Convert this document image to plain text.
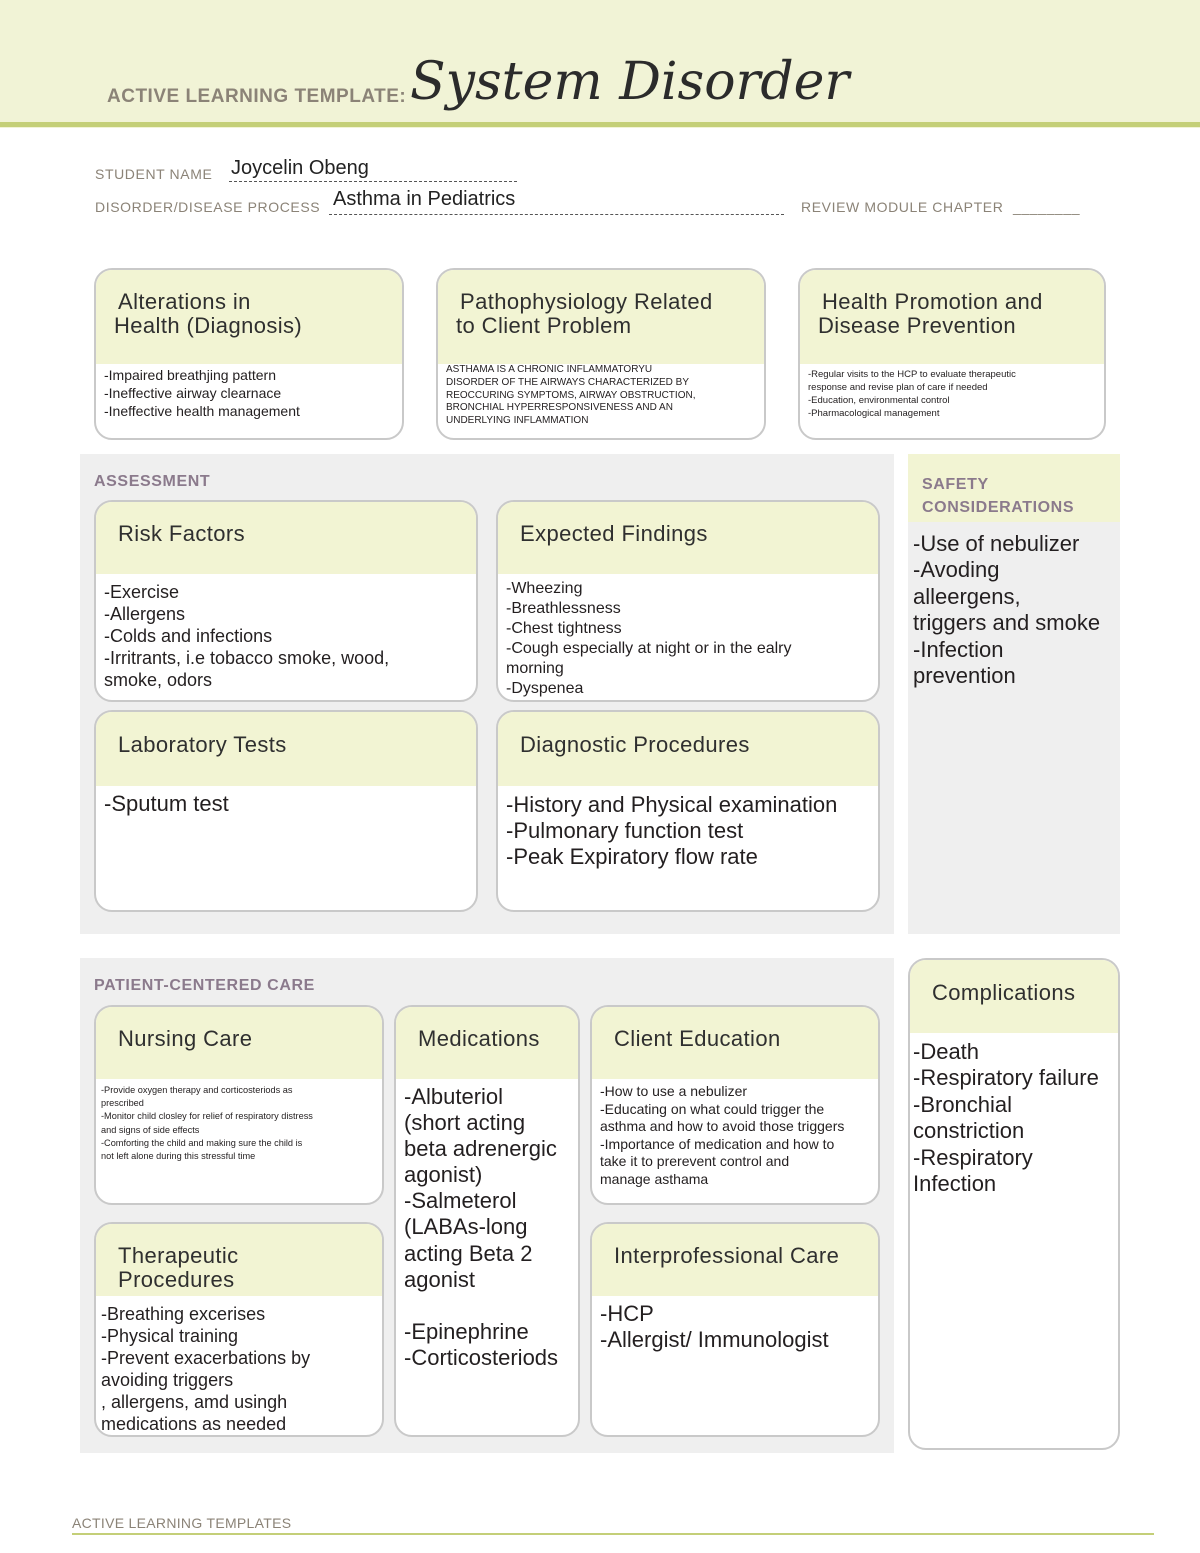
ACTIVE LEARNING TEMPLATE: System Disorder
STUDENT NAME Joycelin Obeng
DISORDER/DISEASE PROCESS Asthma in Pediatrics	REVIEW MODULE CHAPTER ________
Alterations in
Health (Diagnosis)
-Impaired breathjing pattern
-Ineffective airway clearnace
-Ineffective health management
Pathophysiology Related
to Client Problem
ASTHAMA IS A CHRONIC INFLAMMATORYU
DISORDER OF THE AIRWAYS CHARACTERIZED BY
REOCCURING SYMPTOMS, AIRWAY OBSTRUCTION,
BRONCHIAL HYPERRESPONSIVENESS AND AN
UNDERLYING INFLAMMATION
Health Promotion and
Disease Prevention
-Regular visits to the HCP to evaluate therapeutic
response and revise plan of care if needed
-Education, environmental control
-Pharmacological management
ASSESSMENT
Risk Factors
-Exercise
-Allergens
-Colds and infections
-Irritrants, i.e tobacco smoke, wood,
smoke, odors
Expected Findings
-Wheezing
-Breathlessness
-Chest tightness
-Cough especially at night or in the ealry
morning
-Dyspenea
Laboratory Tests
-Sputum test
Diagnostic Procedures
-History and Physical examination
-Pulmonary function test
-Peak Expiratory flow rate
SAFETY
CONSIDERATIONS
-Use of nebulizer
-Avoding
alleergens,
triggers and smoke
-Infection
prevention
PATIENT-CENTERED CARE
Nursing Care
-Provide oxygen therapy and corticosteriods as
prescribed
-Monitor child closley for relief of respiratory distress
and signs of side effects
-Comforting the child and making sure the child is
not left alone during this stressful time
Medications
-Albuteriol
(short acting
beta adrenergic
agonist)
-Salmeterol
(LABAs-long
acting Beta 2
agonist
-Epinephrine
-Corticosteriods
Client Education
-How to use a nebulizer
-Educating on what could trigger the
asthma and how to avoid those triggers
-Importance of medication and how to
take it to prerevent control and
manage asthama
Therapeutic Procedures
-Breathing excerises
-Physical training
-Prevent exacerbations by
avoiding triggers
, allergens, amd usingh
medications as needed
Interprofessional Care
-HCP
-Allergist/ Immunologist
Complications
-Death
-Respiratory failure
-Bronchial
constriction
-Respiratory
Infection
ACTIVE LEARNING TEMPLATES
